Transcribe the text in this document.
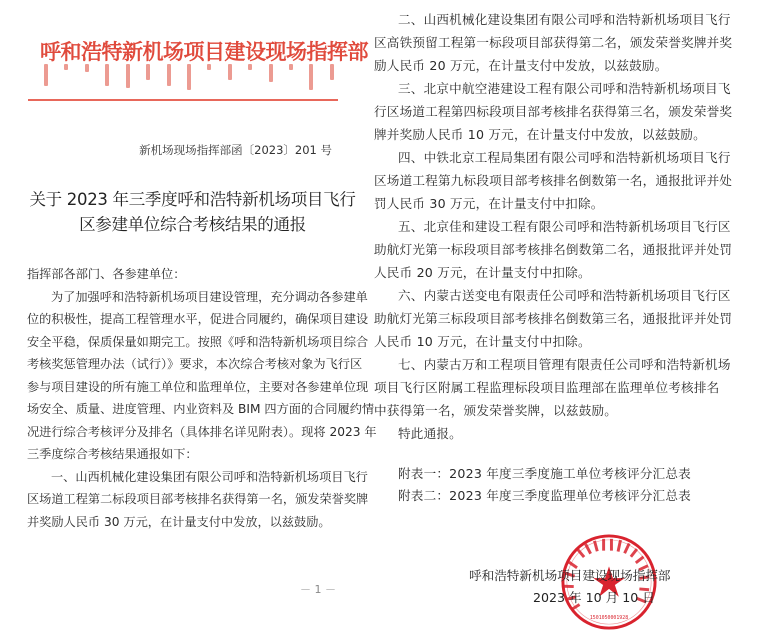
呼和浩特新机场项目建设现场指挥部
新机场现场指挥部函〔2023〕201 号
关于 2023 年三季度呼和浩特新机场项目飞行
区参建单位综合考核结果的通报
指挥部各部门、各参建单位：
为了加强呼和浩特新机场项目建设管理，充分调动各参建单
位的积极性，提高工程管理水平，促进合同履约，确保项目建设
安全平稳，保质保量如期完工。按照《呼和浩特新机场项目综合
考核奖惩管理办法（试行）》要求，本次综合考核对象为飞行区
参与项目建设的所有施工单位和监理单位，主要对各参建单位现
场安全、质量、进度管理、内业资料及 BIM 四方面的合同履约情
况进行综合考核评分及排名（具体排名详见附表）。现将 2023 年
三季度综合考核结果通报如下：
一、山西机械化建设集团有限公司呼和浩特新机场项目飞行
区场道工程第二标段项目部考核排名获得第一名，颁发荣誉奖牌
并奖励人民币 30 万元，在计量支付中发放，以兹鼓励。
－ 1 －
二、山西机械化建设集团有限公司呼和浩特新机场项目飞行
区高铁预留工程第一标段项目部获得第二名，颁发荣誉奖牌并奖
励人民币 20 万元，在计量支付中发放，以兹鼓励。
三、北京中航空港建设工程有限公司呼和浩特新机场项目飞
行区场道工程第四标段项目部考核排名获得第三名，颁发荣誉奖
牌并奖励人民币 10 万元，在计量支付中发放，以兹鼓励。
四、中铁北京工程局集团有限公司呼和浩特新机场项目飞行
区场道工程第九标段项目部考核排名倒数第一名，通报批评并处
罚人民币 30 万元，在计量支付中扣除。
五、北京佳和建设工程有限公司呼和浩特新机场项目飞行区
助航灯光第一标段项目部考核排名倒数第二名，通报批评并处罚
人民币 20 万元，在计量支付中扣除。
六、内蒙古送变电有限责任公司呼和浩特新机场项目飞行区
助航灯光第三标段项目部考核排名倒数第三名，通报批评并处罚
人民币 10 万元，在计量支付中扣除。
七、内蒙古万和工程项目管理有限责任公司呼和浩特新机场
项目飞行区附属工程监理标段项目监理部在监理单位考核排名
中获得第一名，颁发荣誉奖牌，以兹鼓励。
特此通报。
附表一：2023 年度三季度施工单位考核评分汇总表
附表二：2023 年度三季度监理单位考核评分汇总表
1501050001928
呼和浩特新机场项目建设现场指挥部
2023 年 10 月 10 日
